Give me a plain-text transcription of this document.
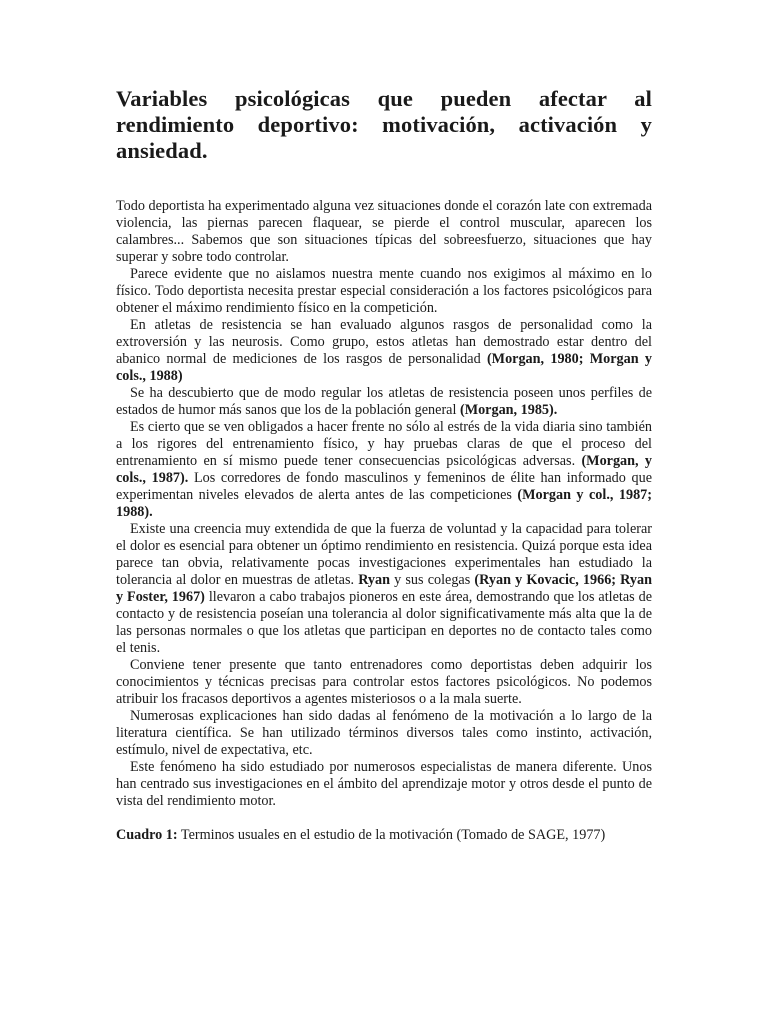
Variables psicológicas que pueden afectar al rendimiento deportivo: motivación, activación y ansiedad.

Todo deportista ha experimentado alguna vez situaciones donde el corazón late con extremada violencia, las piernas parecen flaquear, se pierde el control muscular, aparecen los calambres... Sabemos que son situaciones típicas del sobreesfuerzo, situaciones que hay superar y sobre todo controlar.

Parece evidente que no aislamos nuestra mente cuando nos exigimos al máximo en lo físico. Todo deportista necesita prestar especial consideración a los factores psicológicos para obtener el máximo rendimiento físico en la competición.

En atletas de resistencia se han evaluado algunos rasgos de personalidad como la extroversión y las neurosis. Como grupo, estos atletas han demostrado estar dentro del abanico normal de mediciones de los rasgos de personalidad (Morgan, 1980; Morgan y cols., 1988)

Se ha descubierto que de modo regular los atletas de resistencia poseen unos perfiles de estados de humor más sanos que los de la población general (Morgan, 1985).

Es cierto que se ven obligados a hacer frente no sólo al estrés de la vida diaria sino también a los rigores del entrenamiento físico, y hay pruebas claras de que el proceso del entrenamiento en sí mismo puede tener consecuencias psicológicas adversas. (Morgan, y cols., 1987). Los corredores de fondo masculinos y femeninos de élite han informado que experimentan niveles elevados de alerta antes de las competiciones (Morgan y col., 1987; 1988).

Existe una creencia muy extendida de que la fuerza de voluntad y la capacidad para tolerar el dolor es esencial para obtener un óptimo rendimiento en resistencia. Quizá porque esta idea parece tan obvia, relativamente pocas investigaciones experimentales han estudiado la tolerancia al dolor en muestras de atletas. Ryan y sus colegas (Ryan y Kovacic, 1966; Ryan y Foster, 1967) llevaron a cabo trabajos pioneros en este área, demostrando que los atletas de contacto y de resistencia poseían una tolerancia al dolor significativamente más alta que la de las personas normales o que los atletas que participan en deportes no de contacto tales como el tenis.

Conviene tener presente que tanto entrenadores como deportistas deben adquirir los conocimientos y técnicas precisas para controlar estos factores psicológicos. No podemos atribuir los fracasos deportivos a agentes misteriosos o a la mala suerte.

Numerosas explicaciones han sido dadas al fenómeno de la motivación a lo largo de la literatura científica. Se han utilizado términos diversos tales como instinto, activación, estímulo, nivel de expectativa, etc.

Este fenómeno ha sido estudiado por numerosos especialistas de manera diferente. Unos han centrado sus investigaciones en el ámbito del aprendizaje motor y otros desde el punto de vista del rendimiento motor.

Cuadro 1: Terminos usuales en el estudio de la motivación (Tomado de SAGE, 1977)
